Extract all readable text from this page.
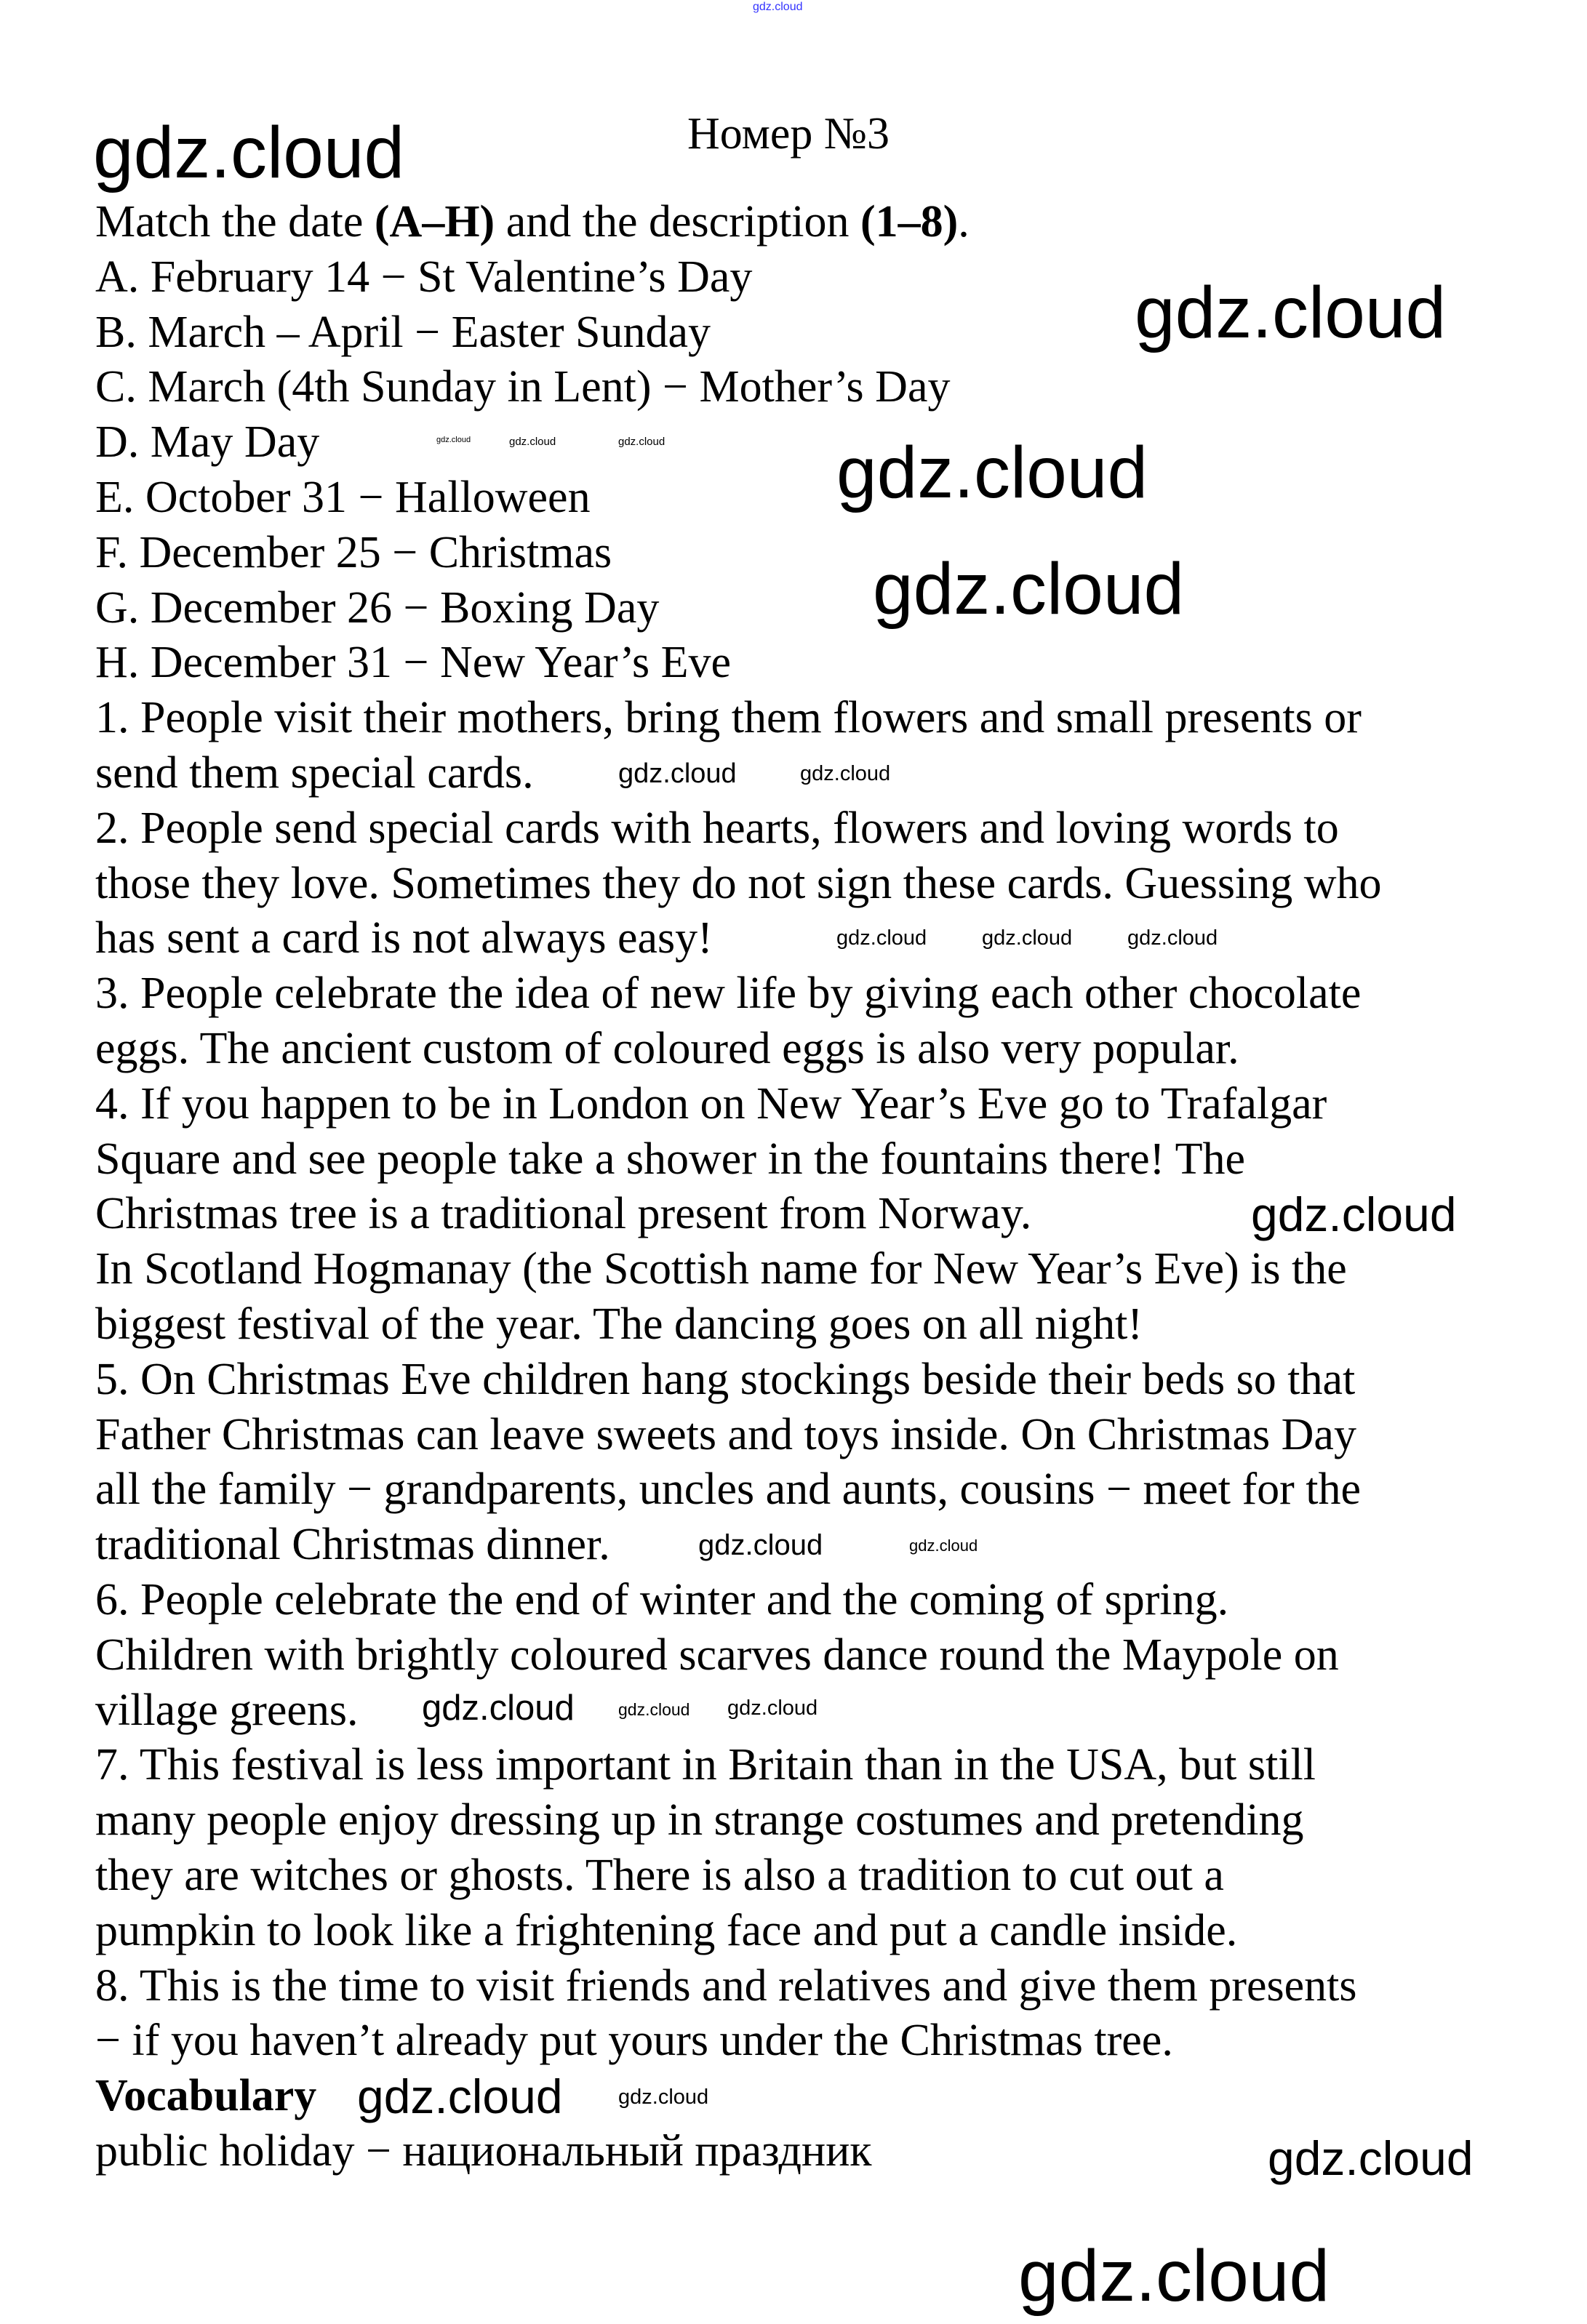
Номер №3
Match the date (A–H) and the description (1–8).
A. February 14 − St Valentine’s Day
B. March – April − Easter Sunday
C. March (4th Sunday in Lent) − Mother’s Day
D. May Day
E. October 31 − Halloween
F. December 25 − Christmas
G. December 26 − Boxing Day
H. December 31 − New Year’s Eve
1. People visit their mothers, bring them flowers and small presents or
send them special cards.
2. People send special cards with hearts, flowers and loving words to
those they love. Sometimes they do not sign these cards. Guessing who
has sent a card is not always easy!
3. People celebrate the idea of new life by giving each other chocolate
eggs. The ancient custom of coloured eggs is also very popular.
4. If you happen to be in London on New Year’s Eve go to Trafalgar
Square and see people take a shower in the fountains there! The
Christmas tree is a traditional present from Norway.
In Scotland Hogmanay (the Scottish name for New Year’s Eve) is the
biggest festival of the year. The dancing goes on all night!
5. On Christmas Eve children hang stockings beside their beds so that
Father Christmas can leave sweets and toys inside. On Christmas Day
all the family − grandparents, uncles and aunts, cousins − meet for the
traditional Christmas dinner.
6. People celebrate the end of winter and the coming of spring.
Children with brightly coloured scarves dance round the Maypole on
village greens.
7. This festival is less important in Britain than in the USA, but still
many people enjoy dressing up in strange costumes and pretending
they are witches or ghosts. There is also a tradition to cut out a
pumpkin to look like a frightening face and put a candle inside.
8. This is the time to visit friends and relatives and give them presents
− if you haven’t already put yours under the Christmas tree.
Vocabulary
public holiday − национальный праздник
gdz.cloud
gdz.cloud
gdz.cloud
gdz.cloud
gdz.cloud
gdz.cloud
gdz.cloud
gdz.cloud
gdz.cloud
gdz.cloud	gdz.cloud
gdz.cloud
gdz.cloud	gdz.cloud
gdz.cloud gdz.cloud
gdz.cloud	gdz.cloud
gdz.cloud
gdz.cloud	gdz.cloud	gdz.cloud
gdz.cloud
